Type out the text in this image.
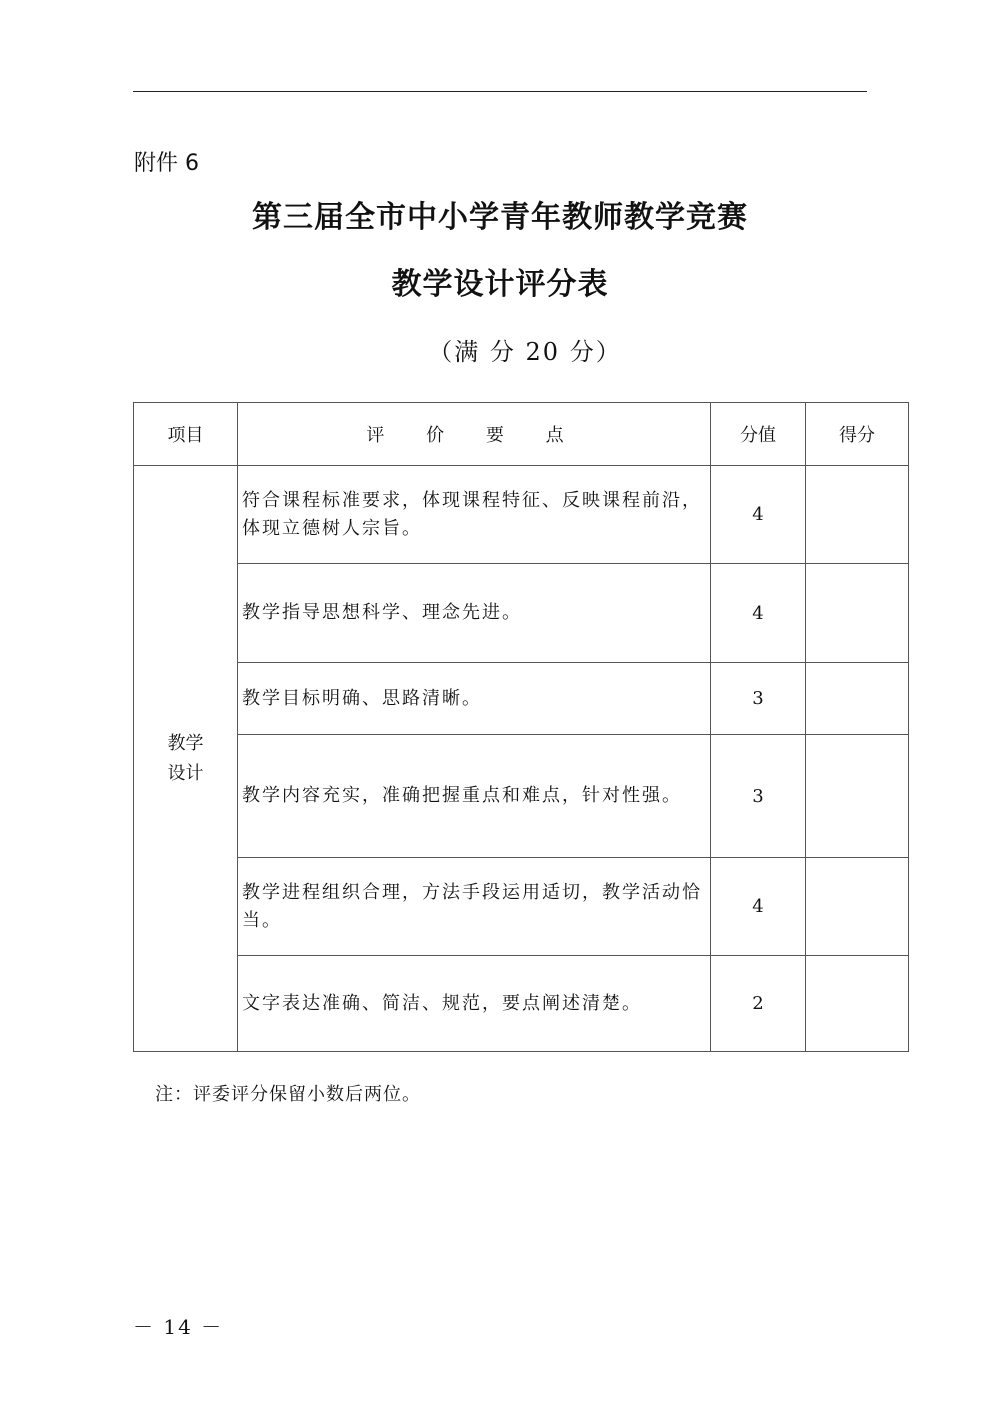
附件 6
第三届全市中小学青年教师教学竞赛
教学设计评分表
（满 分 20 分）
项目	评 价 要 点	分值	得分

教学
设计	符合课程标准要求，体现课程特征、反映课程前沿，体现立德树人宗旨。	4	
	教学指导思想科学、理念先进。	4	
	教学目标明确、思路清晰。	3	
	教学内容充实，准确把握重点和难点，针对性强。	3	
	教学进程组织合理，方法手段运用适切，教学活动恰 当。	4	
	文字表达准确、简洁、规范，要点阐述清楚。	2	
注：评委评分保留小数后两位。
－ 14 －
